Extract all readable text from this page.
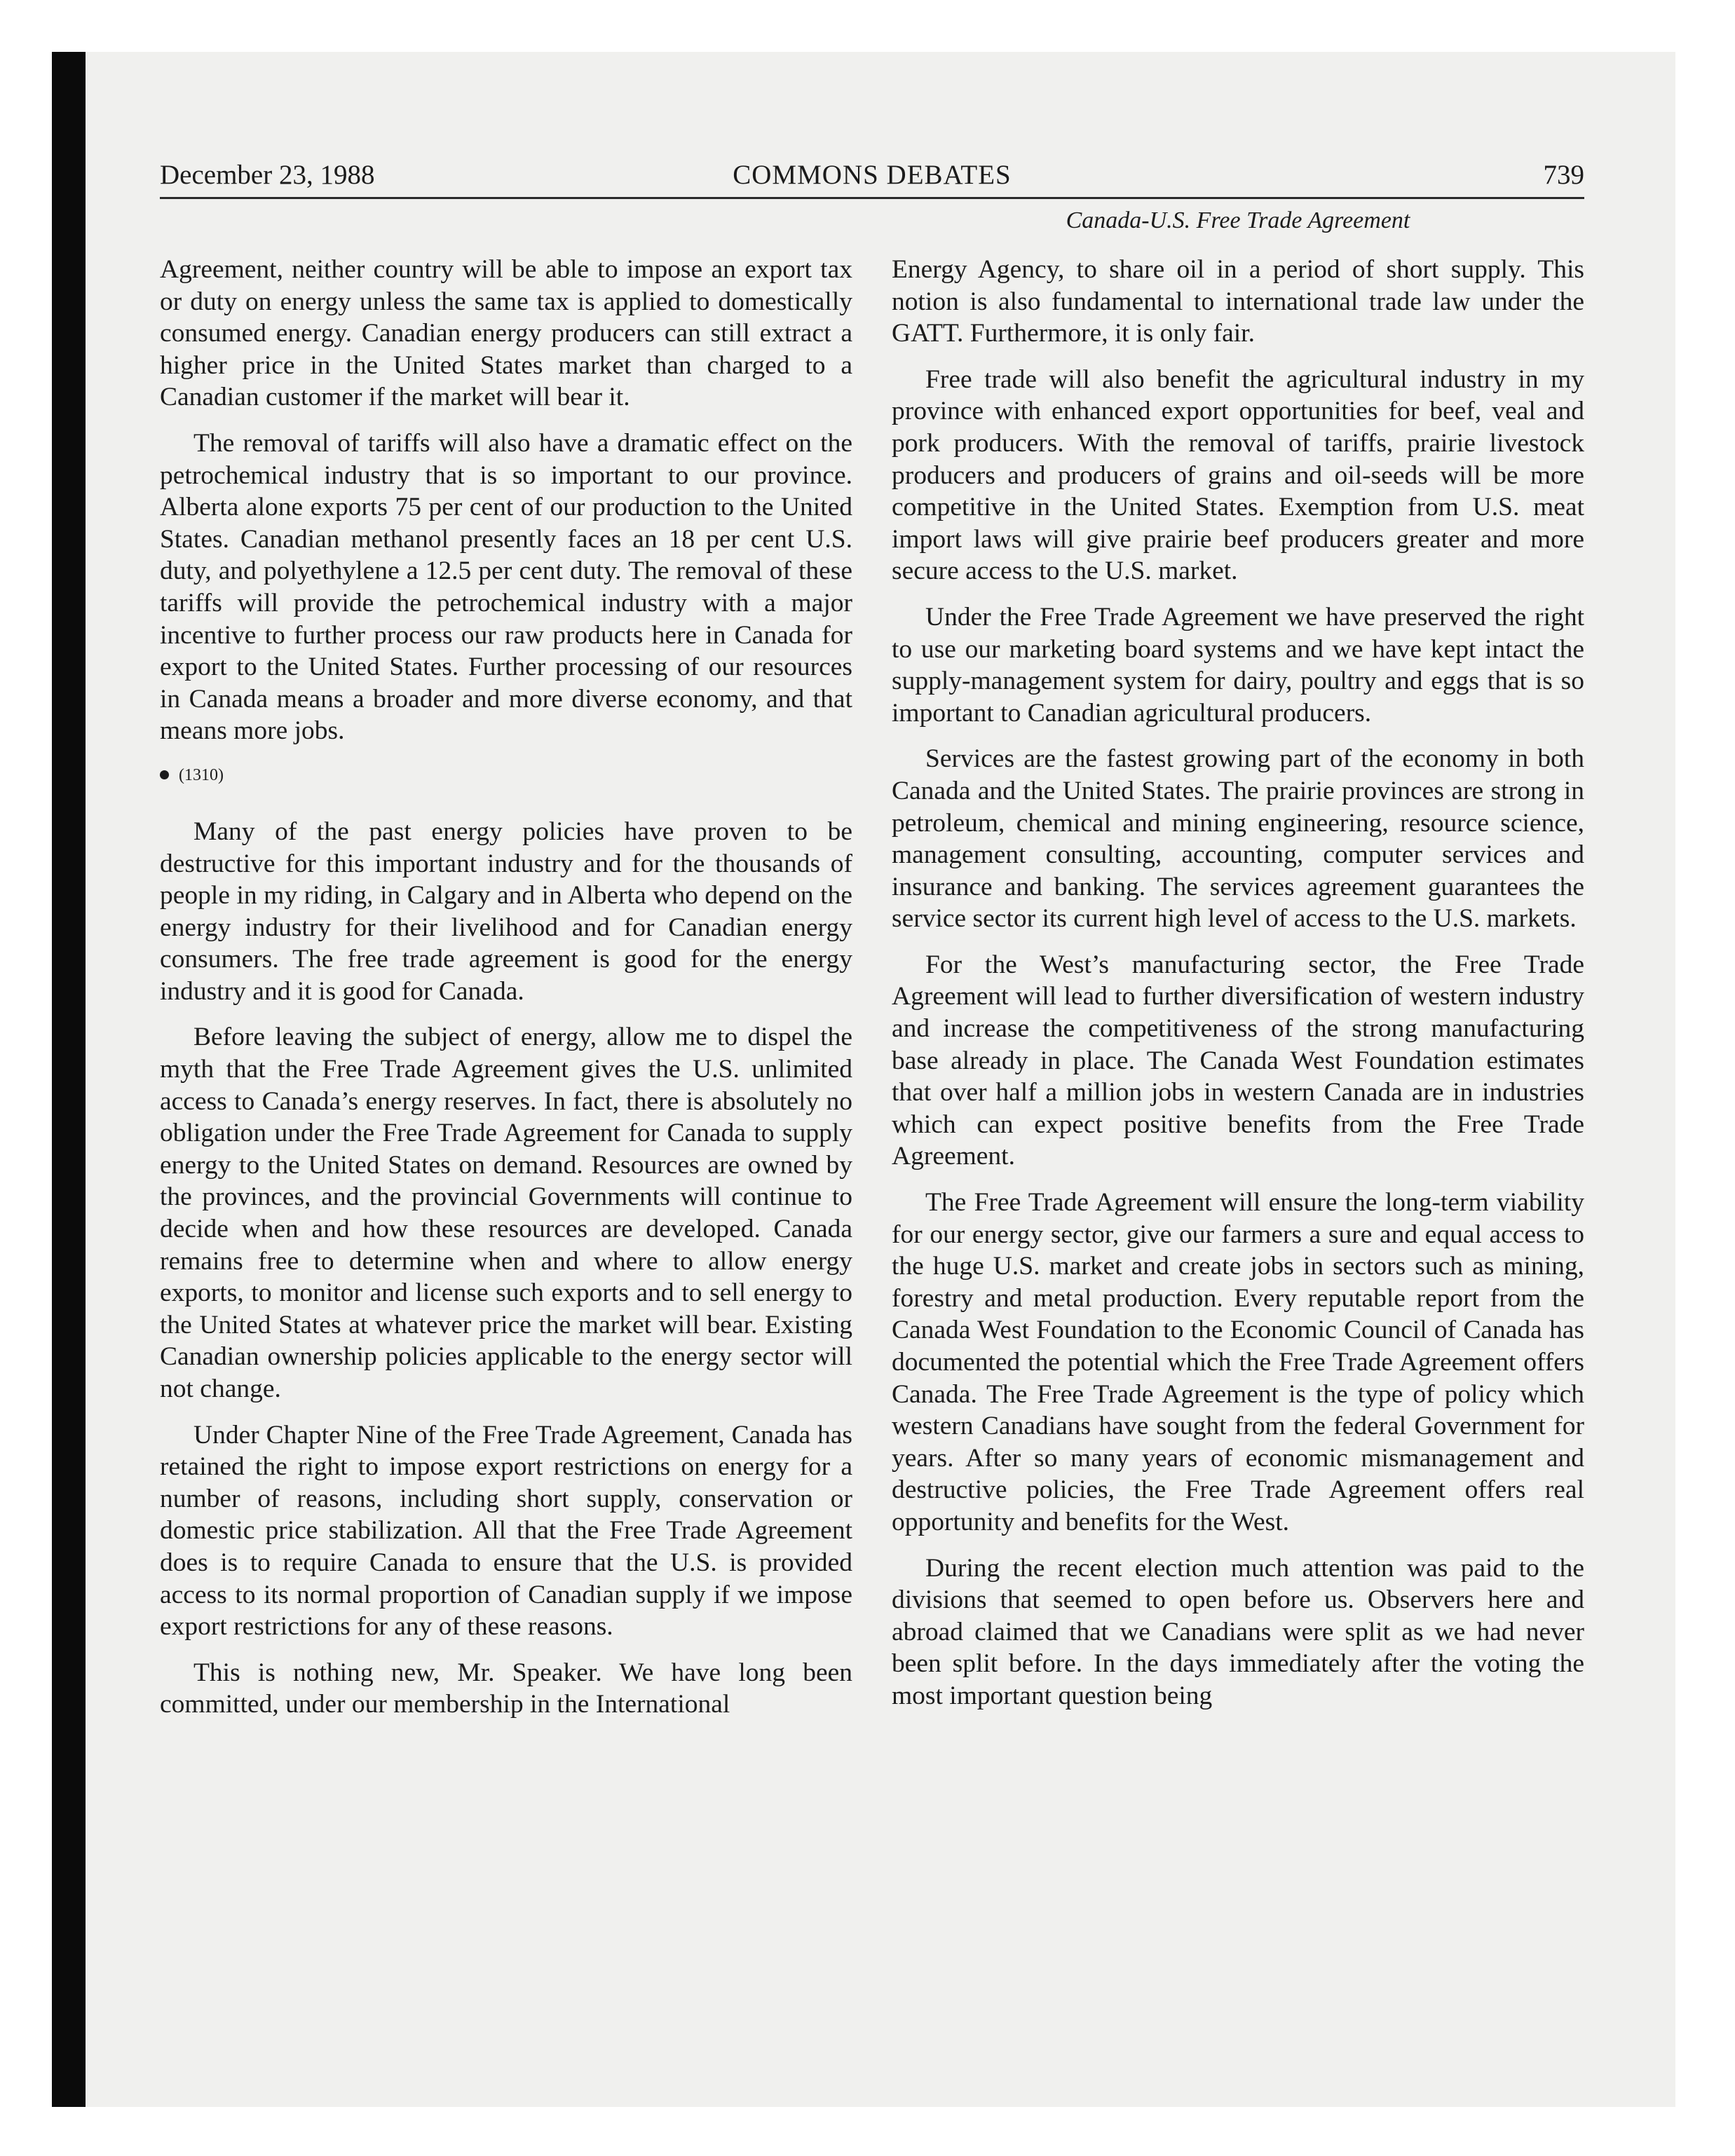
December 23, 1988	COMMONS DEBATES	739
Canada-U.S. Free Trade Agreement

Agreement, neither country will be able to impose an export tax or duty on energy unless the same tax is applied to domestically consumed energy. Canadian energy producers can still extract a higher price in the United States market than charged to a Canadian customer if the market will bear it.

The removal of tariffs will also have a dramatic effect on the petrochemical industry that is so important to our province. Alberta alone exports 75 per cent of our production to the United States. Canadian methanol presently faces an 18 per cent U.S. duty, and polyethylene a 12.5 per cent duty. The removal of these tariffs will provide the petrochemical industry with a major incentive to further process our raw products here in Canada for export to the United States. Further processing of our resources in Canada means a broader and more diverse economy, and that means more jobs.

(1310)

Many of the past energy policies have proven to be destructive for this important industry and for the thousands of people in my riding, in Calgary and in Alberta who depend on the energy industry for their livelihood and for Canadian energy consumers. The free trade agreement is good for the energy industry and it is good for Canada.

Before leaving the subject of energy, allow me to dispel the myth that the Free Trade Agreement gives the U.S. unlimited access to Canada’s energy reserves. In fact, there is absolutely no obligation under the Free Trade Agreement for Canada to supply energy to the United States on demand. Resources are owned by the provinces, and the provincial Governments will continue to decide when and how these resources are developed. Canada remains free to determine when and where to allow energy exports, to monitor and license such exports and to sell energy to the United States at whatever price the market will bear. Existing Canadian ownership policies applicable to the energy sector will not change.

Under Chapter Nine of the Free Trade Agreement, Canada has retained the right to impose export restrictions on energy for a number of reasons, including short supply, conservation or domestic price stabilization. All that the Free Trade Agreement does is to require Canada to ensure that the U.S. is provided access to its normal proportion of Canadian supply if we impose export restrictions for any of these reasons.

This is nothing new, Mr. Speaker. We have long been committed, under our membership in the International

Energy Agency, to share oil in a period of short supply. This notion is also fundamental to international trade law under the GATT. Furthermore, it is only fair.

Free trade will also benefit the agricultural industry in my province with enhanced export opportunities for beef, veal and pork producers. With the removal of tariffs, prairie livestock producers and producers of grains and oil-seeds will be more competitive in the United States. Exemption from U.S. meat import laws will give prairie beef producers greater and more secure access to the U.S. market.

Under the Free Trade Agreement we have preserved the right to use our marketing board systems and we have kept intact the supply-management system for dairy, poultry and eggs that is so important to Canadian agricultural producers.

Services are the fastest growing part of the economy in both Canada and the United States. The prairie provinces are strong in petroleum, chemical and mining engineering, resource science, management consulting, accounting, computer services and insurance and banking. The services agreement guarantees the service sector its current high level of access to the U.S. markets.

For the West’s manufacturing sector, the Free Trade Agreement will lead to further diversification of western industry and increase the competitiveness of the strong manufacturing base already in place. The Canada West Foundation estimates that over half a million jobs in western Canada are in industries which can expect positive benefits from the Free Trade Agreement.

The Free Trade Agreement will ensure the long-term viability for our energy sector, give our farmers a sure and equal access to the huge U.S. market and create jobs in sectors such as mining, forestry and metal production. Every reputable report from the Canada West Foundation to the Economic Council of Canada has documented the potential which the Free Trade Agreement offers Canada. The Free Trade Agreement is the type of policy which western Canadians have sought from the federal Government for years. After so many years of economic mismanagement and destructive policies, the Free Trade Agreement offers real opportunity and benefits for the West.

During the recent election much attention was paid to the divisions that seemed to open before us. Observers here and abroad claimed that we Canadians were split as we had never been split before. In the days immediately after the voting the most important question being
